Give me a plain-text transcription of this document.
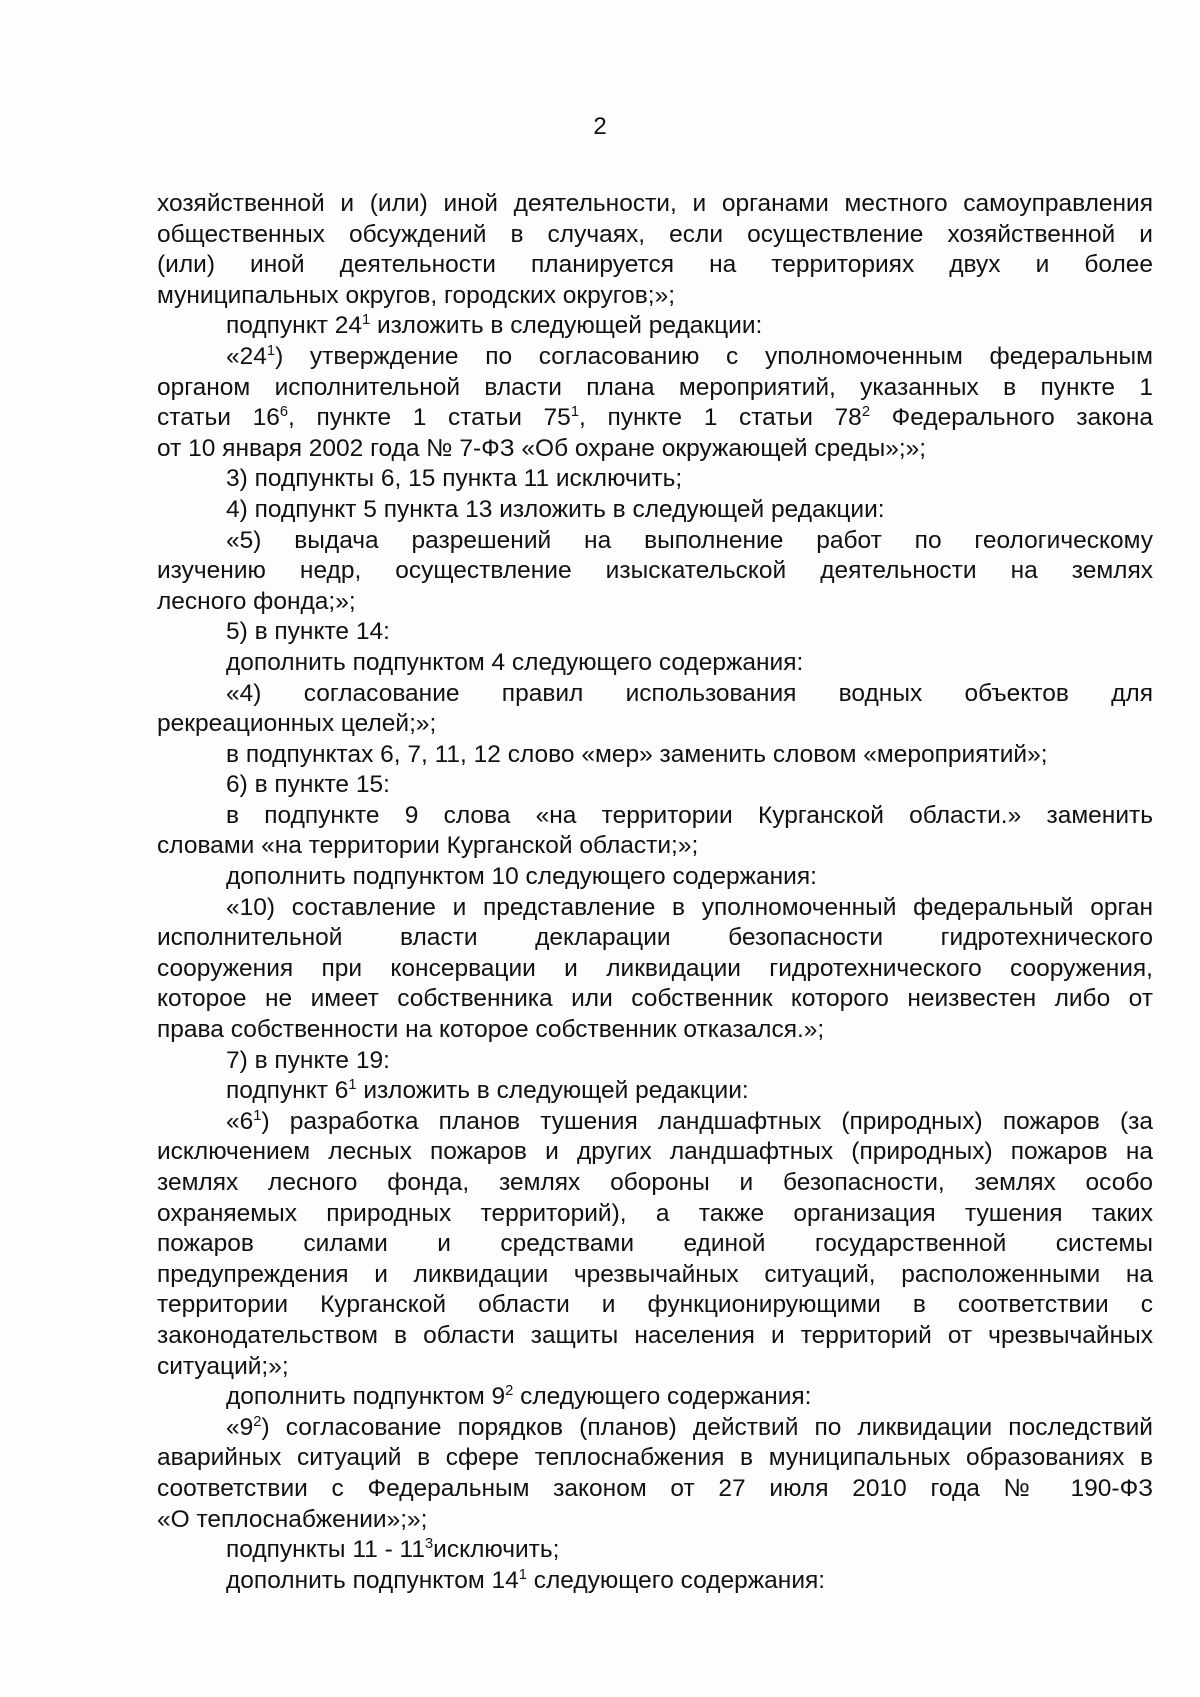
2

хозяйственной и (или) иной деятельности, и органами местного самоуправления

общественных обсуждений в случаях, если осуществление хозяйственной и

(или) иной деятельности планируется на территориях двух и более

муниципальных округов, городских округов;»;

подпункт $24^1$ изложить в следующей редакции:

«$24^1$) утверждение по согласованию с уполномоченным федеральным

органом исполнительной власти плана мероприятий, указанных в пункте 1

статьи $16^6$, пункте 1 статьи $75^1$, пункте 1 статьи $78^2$ Федерального закона

от 10 января 2002 года № 7-ФЗ «Об охране окружающей среды»;»;

3) подпункты 6, 15 пункта 11 исключить;

4) подпункт 5 пункта 13 изложить в следующей редакции:

«5) выдача разрешений на выполнение работ по геологическому

изучению недр, осуществление изыскательской деятельности на землях

лесного фонда;»;

5) в пункте 14:

дополнить подпунктом 4 следующего содержания:

«4) согласование правил использования водных объектов для

рекреационных целей;»;

в подпунктах 6, 7, 11, 12 слово «мер» заменить словом «мероприятий»;

6) в пункте 15:

в подпункте 9 слова «на территории Курганской области.» заменить

словами «на территории Курганской области;»;

дополнить подпунктом 10 следующего содержания:

«10) составление и представление в уполномоченный федеральный орган

исполнительной власти декларации безопасности гидротехнического

сооружения при консервации и ликвидации гидротехнического сооружения,

которое не имеет собственника или собственник которого неизвестен либо от

права собственности на которое собственник отказался.»;

7) в пункте 19:

подпункт $6^1$ изложить в следующей редакции:

«$6^1$) разработка планов тушения ландшафтных (природных) пожаров (за

исключением лесных пожаров и других ландшафтных (природных) пожаров на

землях лесного фонда, землях обороны и безопасности, землях особо

охраняемых природных территорий), а также организация тушения таких

пожаров силами и средствами единой государственной системы

предупреждения и ликвидации чрезвычайных ситуаций, расположенными на

территории Курганской области и функционирующими в соответствии с

законодательством в области защиты населения и территорий от чрезвычайных

ситуаций;»;

дополнить подпунктом $9^2$ следующего содержания:

«$9^2$) согласование порядков (планов) действий по ликвидации последствий

аварийных ситуаций в сфере теплоснабжения в муниципальных образованиях в

соответствии с Федеральным законом от 27 июля 2010 года № 190-ФЗ

«О теплоснабжении»;»;

подпункты $11 - 11^3исключить$;

дополнить подпунктом $14^1$ следующего содержания:
